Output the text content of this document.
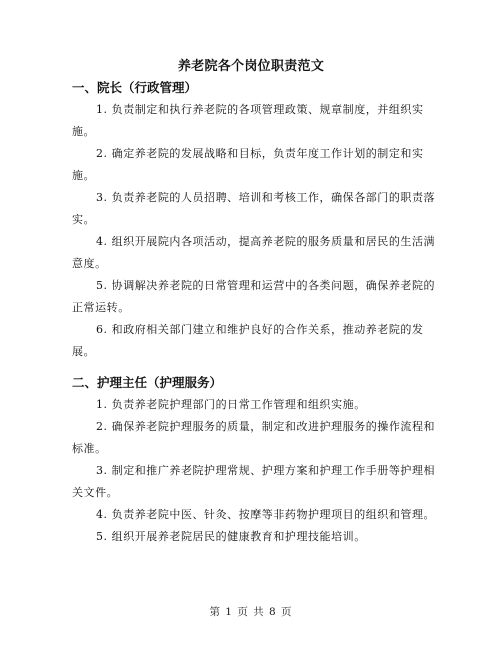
养老院各个岗位职责范文
一、院长（行政管理）

1. 负责制定和执行养老院的各项管理政策、规章制度，并组织实施。

2. 确定养老院的发展战略和目标，负责年度工作计划的制定和实施。

3. 负责养老院的人员招聘、培训和考核工作，确保各部门的职责落实。

4. 组织开展院内各项活动，提高养老院的服务质量和居民的生活满意度。

5. 协调解决养老院的日常管理和运营中的各类问题，确保养老院的正常运转。

6. 和政府相关部门建立和维护良好的合作关系，推动养老院的发展。

二、护理主任（护理服务）

1. 负责养老院护理部门的日常工作管理和组织实施。

2. 确保养老院护理服务的质量，制定和改进护理服务的操作流程和标准。

3. 制定和推广养老院护理常规、护理方案和护理工作手册等护理相关文件。

4. 负责养老院中医、针灸、按摩等非药物护理项目的组织和管理。

5. 组织开展养老院居民的健康教育和护理技能培训。

第 1 页 共 8 页
